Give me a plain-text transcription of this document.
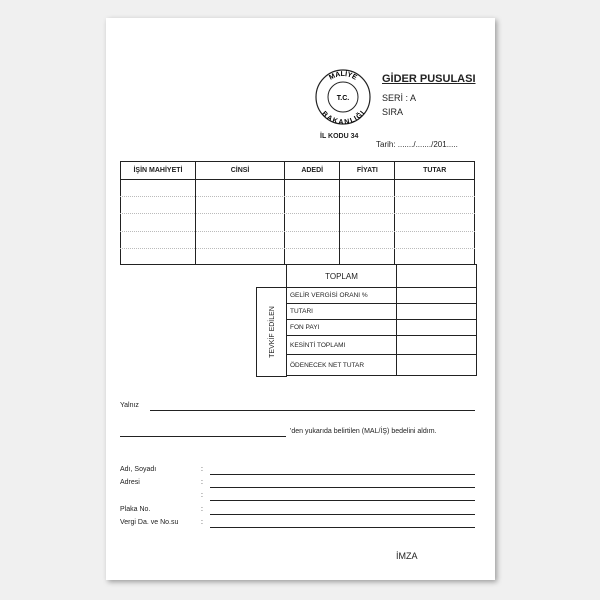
MALİYE
BAKANLIĞI
T.C.
İL KODU 34
GİDER PUSULASI
SERİ : A
SIRA
Tarih: ......./......./201.....
İŞİN MAHİYETİ	CİNSİ	ADEDİ	FİYATI	TUTAR

TEVKİF EDİLEN
TOPLAM	
GELİR VERGİSİ ORANI %	
TUTARI	
FON PAYI	
KESİNTİ TOPLAMI	
ÖDENECEK NET TUTAR	
Yalnız
'den yukarıda belirtilen (MAL/İŞ) bedelini aldım.
Adı, Soyadı	:
Adresi	:
:
Plaka No.	:
Vergi Da. ve No.su	:
İMZA
